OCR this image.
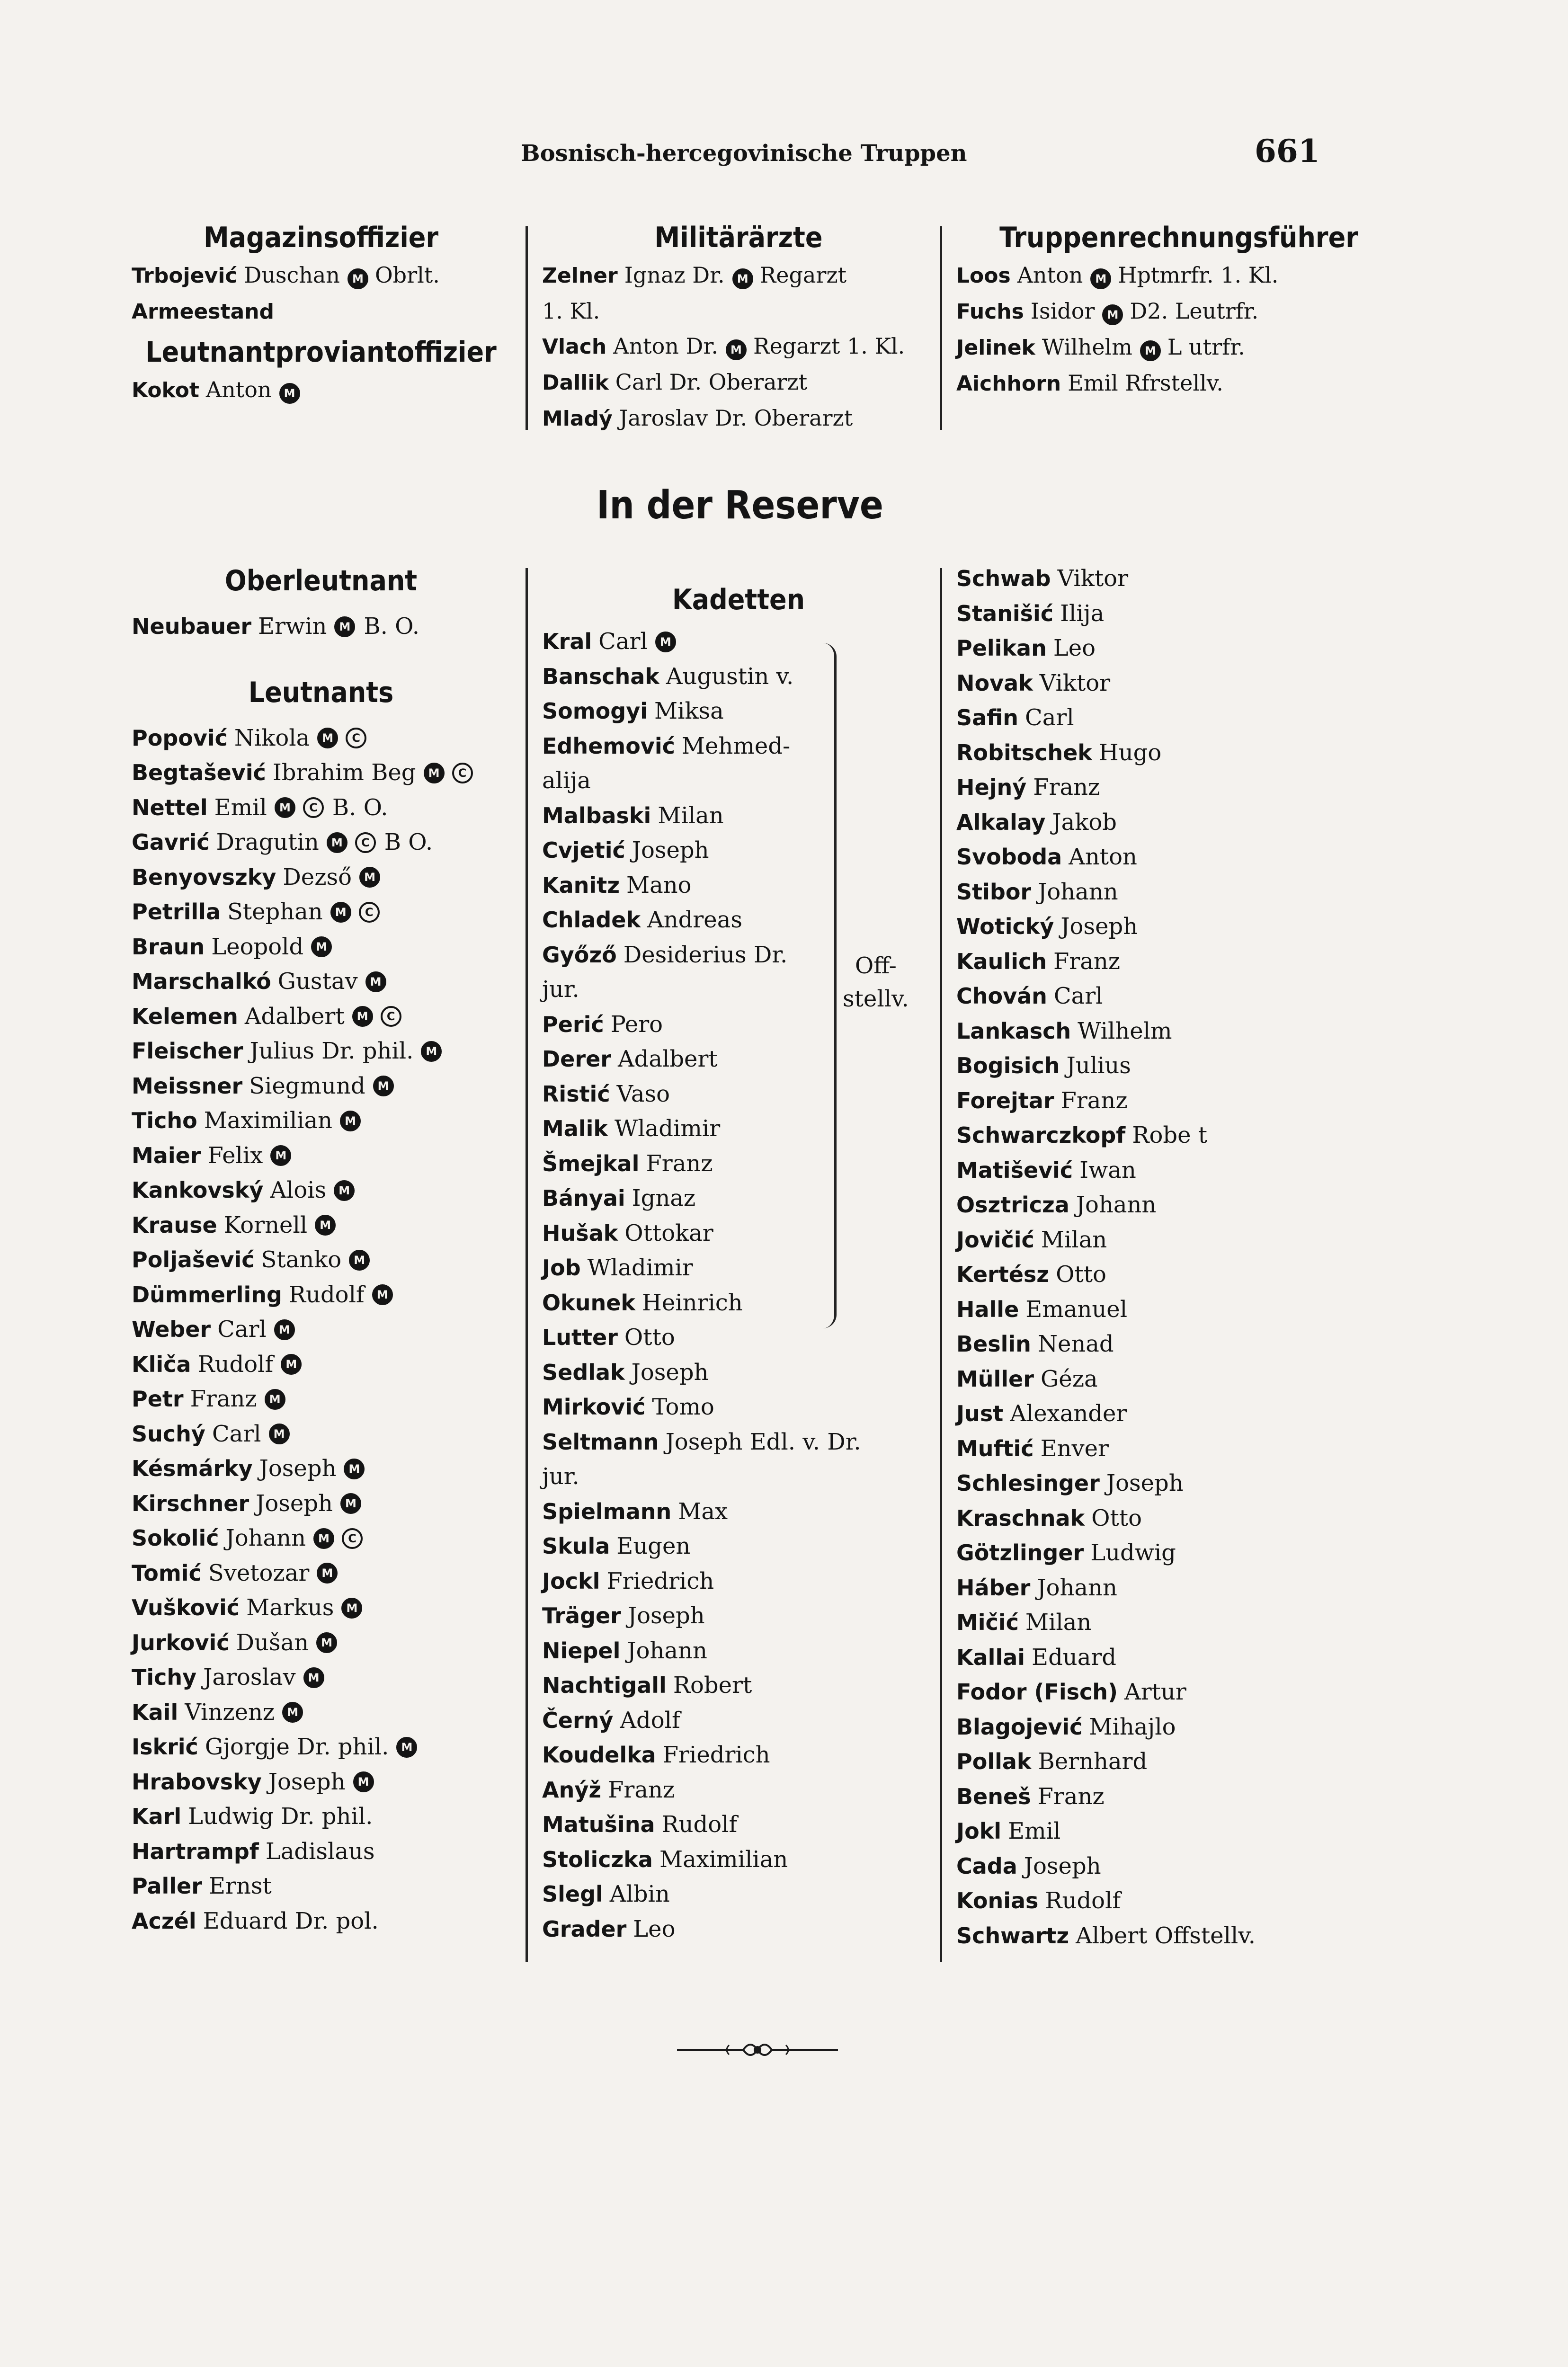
Bosnisch-hercegovinische Truppen	661
Magazinsoffizier
Trbojević Duschan M Obrlt.
Armeestand
Leutnantproviantoffizier
Kokot Anton M
Militärärzte
Zelner Ignaz Dr. M Regarzt
1. Kl.
Vlach Anton Dr. M Regarzt 1. Kl.
Dallik Carl Dr. Oberarzt
Mladý Jaroslav Dr. Oberarzt
Truppenrechnungsführer
Loos Anton M Hptmrfr. 1. Kl.
Fuchs Isidor M D2. Leutrfr.
Jelinek Wilhelm M L utrfr.
Aichhorn Emil Rfrstellv.
In der Reserve
Oberleutnant
Neubauer Erwin	M B. O.
Leutnants
Popović Nikola	M	C
Begtašević Ibrahim Beg	M	C
Nettel Emil	M	C B. O.
Gavrić Dragutin	M	C B O.
Benyovszky Dezső	M
Petrilla Stephan	M	C
Braun Leopold	M
Marschalkó Gustav	M
Kelemen Adalbert	M	C
Fleischer Julius Dr. phil.	M
Meissner Siegmund	M
Ticho Maximilian	M
Maier Felix	M
Kankovský Alois	M
Krause Kornell	M
Poljašević Stanko	M
Dümmerling Rudolf	M
Weber Carl	M
Kliča Rudolf	M
Petr Franz	M
Suchý Carl	M
Késmárky Joseph	M
Kirschner Joseph	M
Sokolić Johann	M	C
Tomić Svetozar	M
Vušković Markus	M
Jurković Dušan	M
Tichy Jaroslav	M
Kail Vinzenz	M
Iskrić Gjorgje Dr. phil.	M
Hrabovsky Joseph	M
Karl Ludwig Dr. phil.
Hartrampf Ladislaus
Paller Ernst
Aczél Eduard Dr. pol.
Kadetten
Kral Carl	M
Banschak Augustin v.
Somogyi Miksa
Edhemović Mehmed-
alija
Malbaski Milan
Cvjetić Joseph
Kanitz Mano
Chladek Andreas
Győző Desiderius Dr.
jur.
Perić Pero
Derer Adalbert
Ristić Vaso
Malik Wladimir
Šmejkal Franz
Bányai Ignaz
Hušak Ottokar
Job Wladimir
Okunek Heinrich
Lutter Otto
Sedlak Joseph
Mirković Tomo
Seltmann Joseph Edl. v. Dr.
jur.
Spielmann Max
Skula Eugen
Jockl Friedrich
Träger Joseph
Niepel Johann
Nachtigall Robert
Černý Adolf
Koudelka Friedrich
Anýž Franz
Matušina Rudolf
Stoliczka Maximilian
Slegl Albin
Grader Leo
Off-
stellv.
Schwab Viktor
Stanišić Ilija
Pelikan Leo
Novak Viktor
Safin Carl
Robitschek Hugo
Hejný Franz
Alkalay Jakob
Svoboda Anton
Stibor Johann
Wotický Joseph
Kaulich Franz
Chován Carl
Lankasch Wilhelm
Bogisich Julius
Forejtar Franz
Schwarczkopf Robe t
Matišević Iwan
Osztricza Johann
Jovičić Milan
Kertész Otto
Halle Emanuel
Beslin Nenad
Müller Géza
Just Alexander
Muftić Enver
Schlesinger Joseph
Kraschnak Otto
Götzlinger Ludwig
Háber Johann
Mičić Milan
Kallai Eduard
Fodor (Fisch) Artur
Blagojević Mihajlo
Pollak Bernhard
Beneš Franz
Jokl Emil
Cada Joseph
Konias Rudolf
Schwartz Albert Offstellv.
